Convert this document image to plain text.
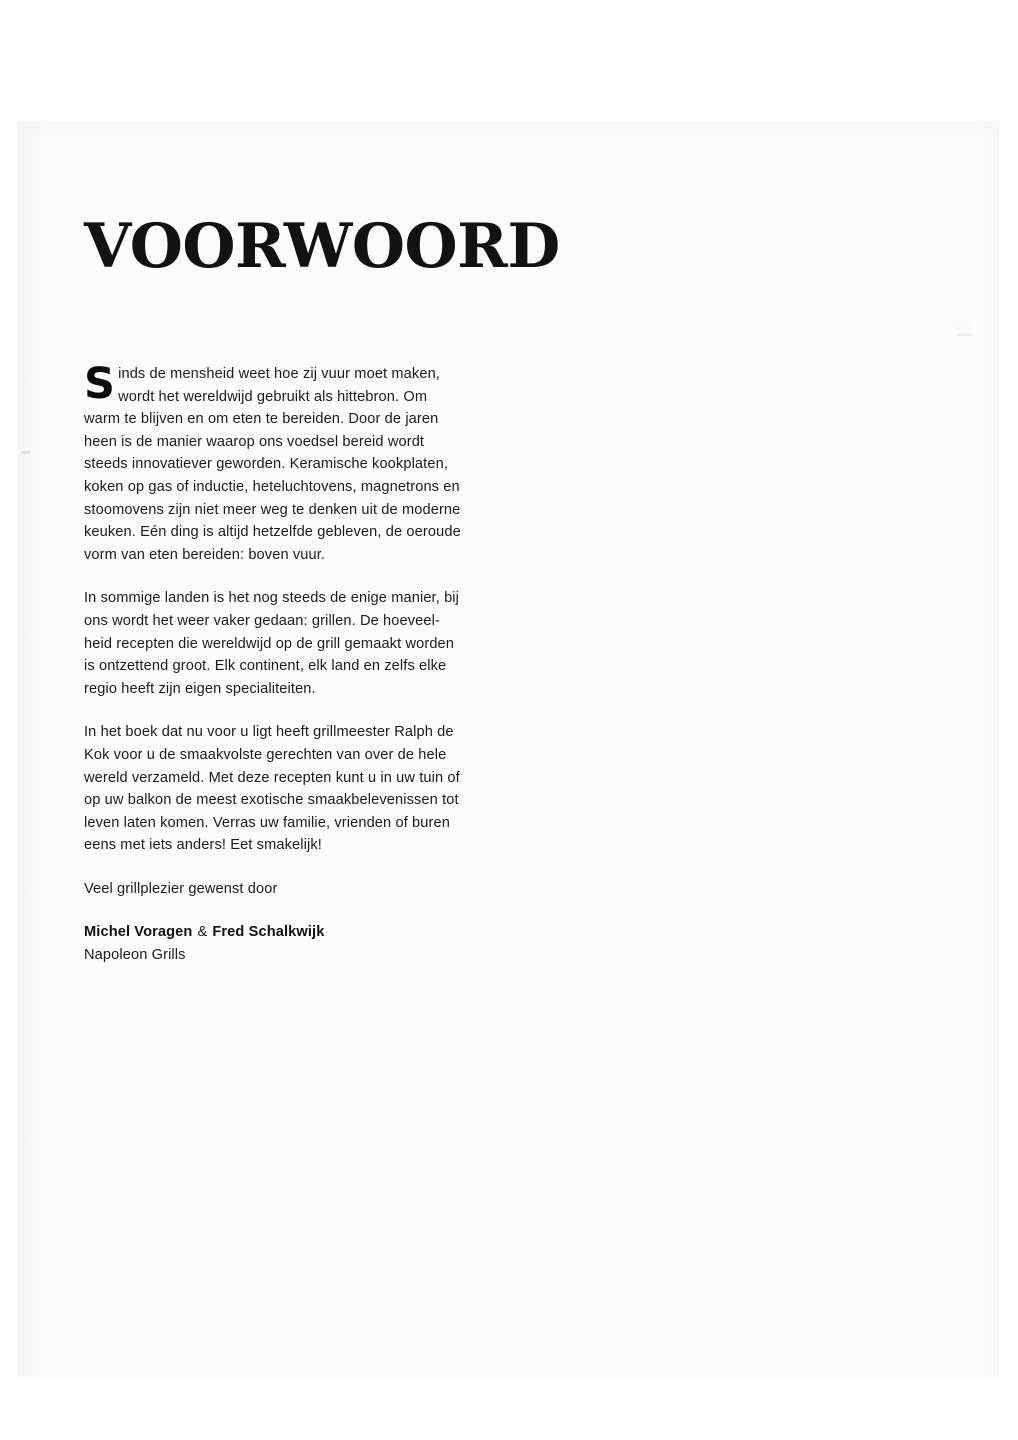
VOORWOORD

Sinds de mensheid weet hoe zij vuur moet maken,
wordt het wereldwijd gebruikt als hittebron. Om
warm te blijven en om eten te bereiden. Door de jaren
heen is de manier waarop ons voedsel bereid wordt
steeds innovatiever geworden. Keramische kookplaten,
koken op gas of inductie, heteluchtovens, magnetrons en
stoomovens zijn niet meer weg te denken uit de moderne
keuken. Eén ding is altijd hetzelfde gebleven, de oeroude
vorm van eten bereiden: boven vuur.

In sommige landen is het nog steeds de enige manier, bij
ons wordt het weer vaker gedaan: grillen. De hoeveel-
heid recepten die wereldwijd op de grill gemaakt worden
is ontzettend groot. Elk continent, elk land en zelfs elke
regio heeft zijn eigen specialiteiten.

In het boek dat nu voor u ligt heeft grillmeester Ralph de
Kok voor u de smaakvolste gerechten van over de hele
wereld verzameld. Met deze recepten kunt u in uw tuin of
op uw balkon de meest exotische smaakbelevenissen tot
leven laten komen. Verras uw familie, vrienden of buren
eens met iets anders! Eet smakelijk!

Veel grillplezier gewenst door

Michel Voragen & Fred Schalkwijk

Napoleon Grills
